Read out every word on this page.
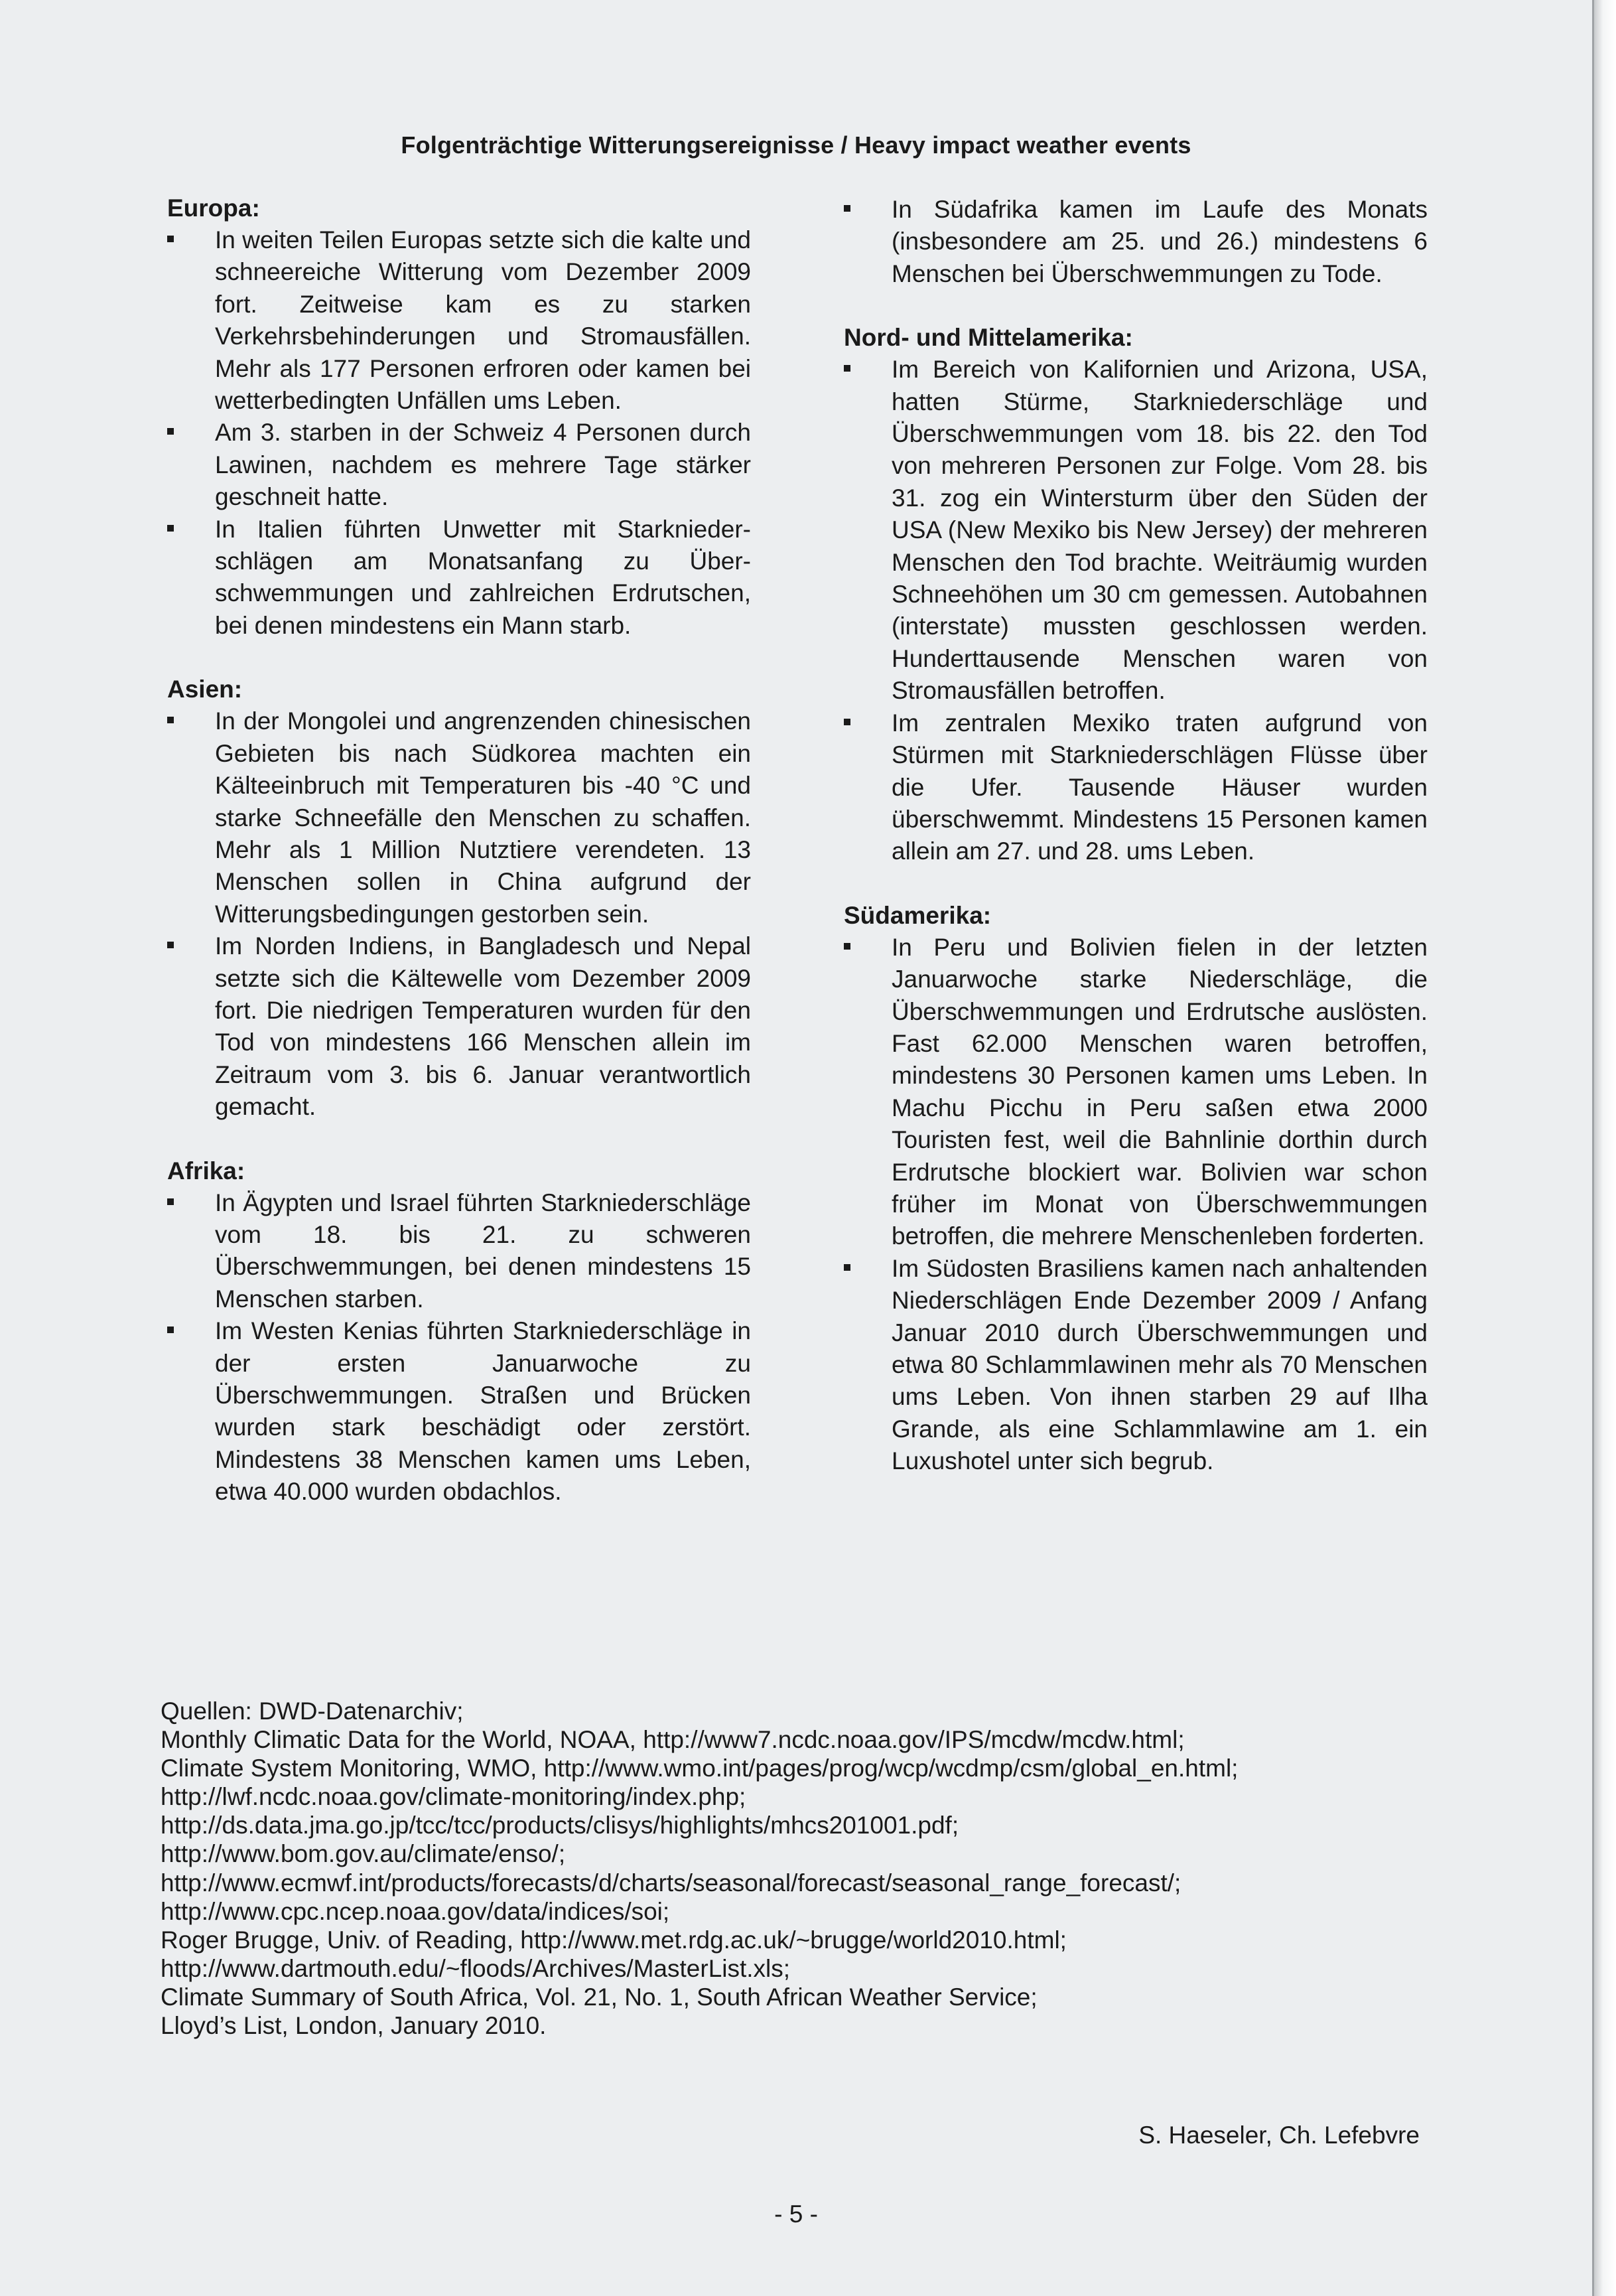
Folgenträchtige Witterungsereignisse / Heavy impact weather events

Europa:

In weiten Teilen Europas setzte sich die kalte und schneereiche Witterung vom Dezember 2009 fort. Zeitweise kam es zu starken Verkehrsbehinderungen und Stromausfällen. Mehr als 177 Personen erfroren oder kamen bei wetterbedingten Unfällen ums Leben.
Am 3. starben in der Schweiz 4 Personen durch Lawinen, nachdem es mehrere Tage stärker geschneit hatte.
In Italien führten Unwetter mit Starkniederschlägen am Monatsanfang zu Überschwemmungen und zahlreichen Erdrutschen, bei denen mindestens ein Mann starb.

Asien:

In der Mongolei und angrenzenden chinesischen Gebieten bis nach Südkorea machten ein Kälteeinbruch mit Temperaturen bis -40 °C und starke Schneefälle den Menschen zu schaffen. Mehr als 1 Million Nutztiere verendeten. 13 Menschen sollen in China aufgrund der Witterungsbedingungen gestorben sein.
Im Norden Indiens, in Bangladesch und Nepal setzte sich die Kältewelle vom Dezember 2009 fort. Die niedrigen Temperaturen wurden für den Tod von mindestens 166 Menschen allein im Zeitraum vom 3. bis 6. Januar verantwortlich gemacht.

Afrika:

In Ägypten und Israel führten Starkniederschläge vom 18. bis 21. zu schweren Überschwemmungen, bei denen mindestens 15 Menschen starben.
Im Westen Kenias führten Starkniederschläge in der ersten Januarwoche zu Überschwemmungen. Straßen und Brücken wurden stark beschädigt oder zerstört. Mindestens 38 Menschen kamen ums Leben, etwa 40.000 wurden obdachlos.
In Südafrika kamen im Laufe des Monats (insbesondere am 25. und 26.) mindestens 6 Menschen bei Überschwemmungen zu Tode.

Nord- und Mittelamerika:

Im Bereich von Kalifornien und Arizona, USA, hatten Stürme, Starkniederschläge und Überschwemmungen vom 18. bis 22. den Tod von mehreren Personen zur Folge. Vom 28. bis 31. zog ein Wintersturm über den Süden der USA (New Mexiko bis New Jersey) der mehreren Menschen den Tod brachte. Weiträumig wurden Schneehöhen um 30 cm gemessen. Autobahnen (interstate) mussten geschlossen werden. Hunderttausende Menschen waren von Stromausfällen betroffen.
Im zentralen Mexiko traten aufgrund von Stürmen mit Starkniederschlägen Flüsse über die Ufer. Tausende Häuser wurden überschwemmt. Mindestens 15 Personen kamen allein am 27. und 28. ums Leben.

Südamerika:

In Peru und Bolivien fielen in der letzten Januarwoche starke Niederschläge, die Überschwemmungen und Erdrutsche auslösten. Fast 62.000 Menschen waren betroffen, mindestens 30 Personen kamen ums Leben. In Machu Picchu in Peru saßen etwa 2000 Touristen fest, weil die Bahnlinie dorthin durch Erdrutsche blockiert war. Bolivien war schon früher im Monat von Überschwemmungen betroffen, die mehrere Menschenleben forderten.
Im Südosten Brasiliens kamen nach anhaltenden Niederschlägen Ende Dezember 2009 / Anfang Januar 2010 durch Überschwemmungen und etwa 80 Schlammlawinen mehr als 70 Menschen ums Leben. Von ihnen starben 29 auf Ilha Grande, als eine Schlammlawine am 1. ein Luxushotel unter sich begrub.
Quellen: DWD-Datenarchiv;
Monthly Climatic Data for the World, NOAA, http://www7.ncdc.noaa.gov/IPS/mcdw/mcdw.html;
Climate System Monitoring, WMO, http://www.wmo.int/pages/prog/wcp/wcdmp/csm/global_en.html;
http://lwf.ncdc.noaa.gov/climate-monitoring/index.php;
http://ds.data.jma.go.jp/tcc/tcc/products/clisys/highlights/mhcs201001.pdf;
http://www.bom.gov.au/climate/enso/;
http://www.ecmwf.int/products/forecasts/d/charts/seasonal/forecast/seasonal_range_forecast/;
http://www.cpc.ncep.noaa.gov/data/indices/soi;
Roger Brugge, Univ. of Reading, http://www.met.rdg.ac.uk/~brugge/world2010.html;
http://www.dartmouth.edu/~floods/Archives/MasterList.xls;
Climate Summary of South Africa, Vol. 21, No. 1, South African Weather Service;
Lloyd’s List, London, January 2010.
S. Haeseler, Ch. Lefebvre
- 5 -
